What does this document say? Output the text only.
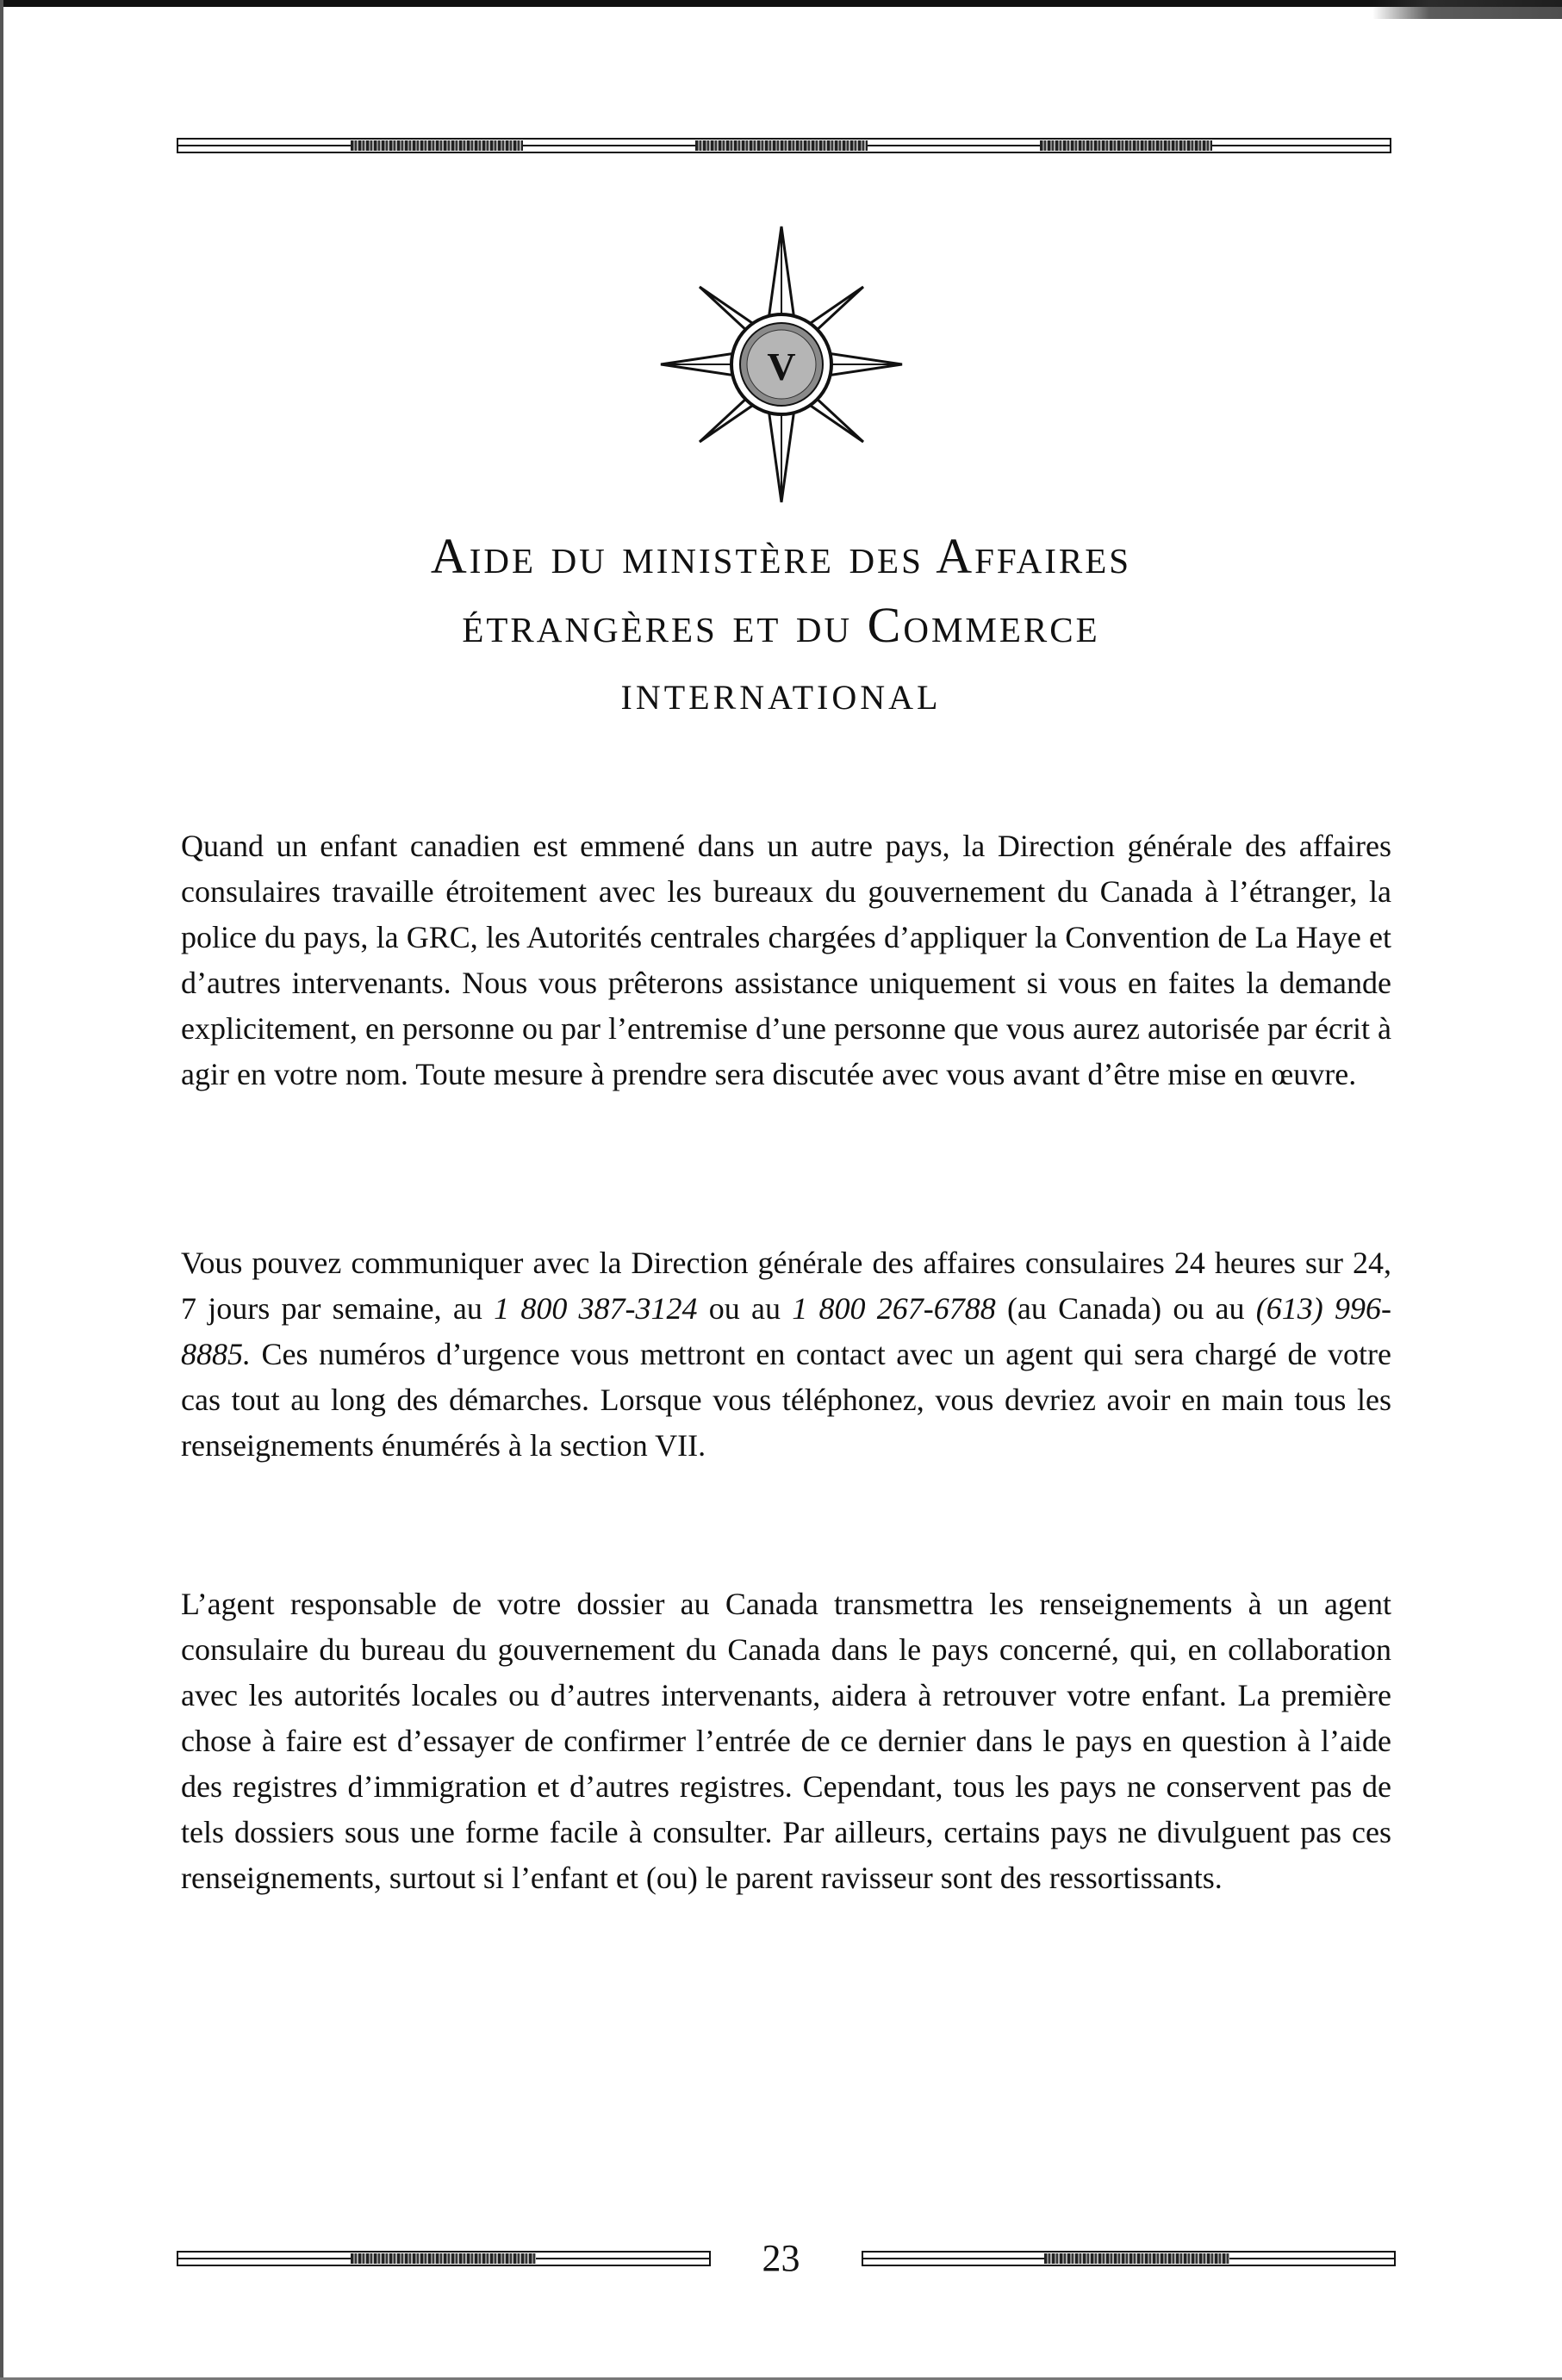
V
Aide du ministère des Affaires
étrangères et du Commerce
INTERNATIONAL

Quand un enfant canadien est emmené dans un autre pays, la Direction générale des affaires consulaires travaille étroitement avec les bureaux du gouvernement du Canada à l’étranger, la police du pays, la GRC, les Autorités centrales chargées d’appliquer la Convention de La Haye et d’autres intervenants. Nous vous prêterons assistance uniquement si vous en faites la demande explicitement, en personne ou par l’entremise d’une personne que vous aurez autorisée par écrit à agir en votre nom. Toute mesure à prendre sera discutée avec vous avant d’être mise en œuvre.

Vous pouvez communiquer avec la Direction générale des affaires consulaires 24 heures sur 24, 7 jours par semaine, au 1 800 387-3124 ou au 1 800 267-6788 (au Canada) ou au (613) 996-8885. Ces numéros d’urgence vous mettront en contact avec un agent qui sera chargé de votre cas tout au long des démarches. Lorsque vous téléphonez, vous devriez avoir en main tous les renseignements énumérés à la section VII.

L’agent responsable de votre dossier au Canada transmettra les renseignements à un agent consulaire du bureau du gouvernement du Canada dans le pays concerné, qui, en collaboration avec les autorités locales ou d’autres intervenants, aidera à retrouver votre enfant. La première chose à faire est d’essayer de confirmer l’entrée de ce dernier dans le pays en question à l’aide des registres d’immigration et d’autres registres. Cependant, tous les pays ne conservent pas de tels dossiers sous une forme facile à consulter. Par ailleurs, certains pays ne divulguent pas ces renseignements, surtout si l’enfant et (ou) le parent ravisseur sont des ressortissants.

23
